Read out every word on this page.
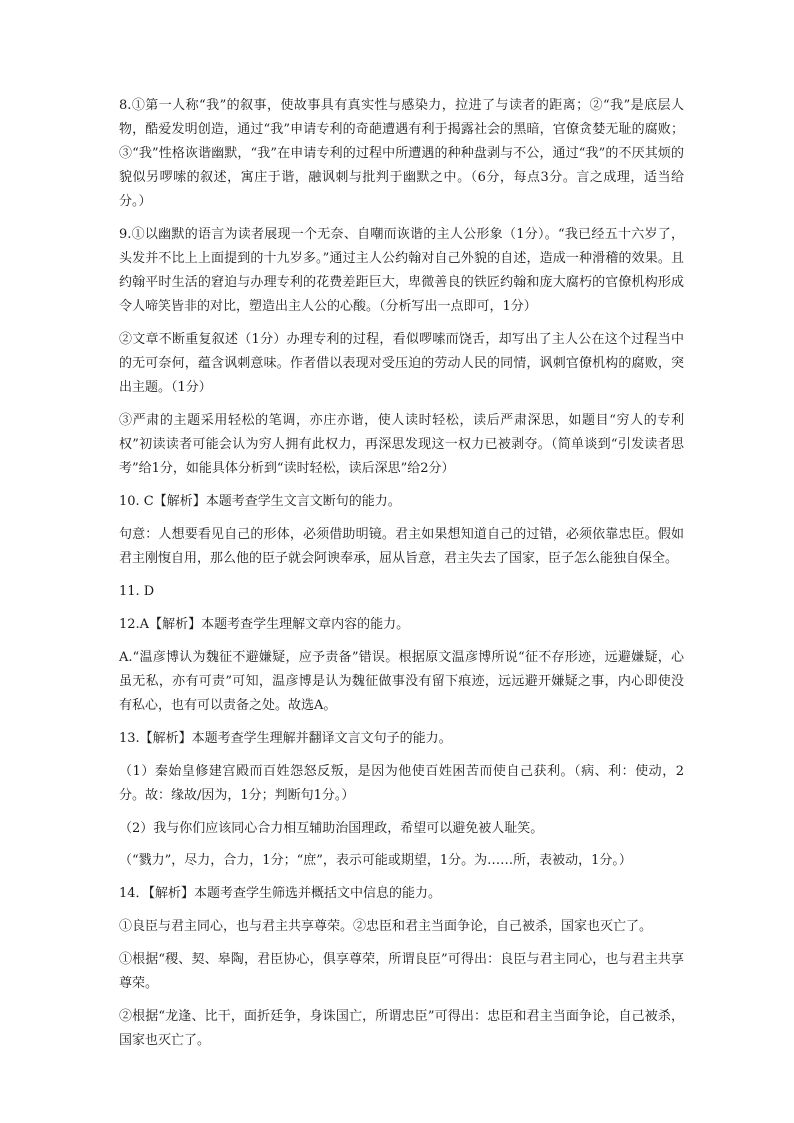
8.①第一人称“我”的叙事，使故事具有真实性与感染力，拉进了与读者的距离；②“我”是底层人物，酷爱发明创造，通过“我”申请专利的奇葩遭遇有利于揭露社会的黑暗，官僚贪婪无耻的腐败；③“我”性格诙谐幽默，“我”在申请专利的过程中所遭遇的种种盘剥与不公，通过“我”的不厌其烦的貌似另啰嗦的叙述，寓庄于谐，融讽刺与批判于幽默之中。（6分，每点3分。言之成理，适当给分。）

9.①以幽默的语言为读者展现一个无奈、自嘲而诙谐的主人公形象（1分）。“我已经五十六岁了，头发并不比上上面提到的十九岁多。”通过主人公约翰对自己外貌的自述，造成一种滑稽的效果。且约翰平时生活的窘迫与办理专利的花费差距巨大，卑微善良的铁匠约翰和庞大腐朽的官僚机构形成令人啼笑皆非的对比，塑造出主人公的心酸。（分析写出一点即可，1分）

②文章不断重复叙述（1分）办理专利的过程，看似啰嗦而饶舌，却写出了主人公在这个过程当中的无可奈何，蕴含讽刺意味。作者借以表现对受压迫的劳动人民的同情，讽刺官僚机构的腐败，突出主题。（1分）

③严肃的主题采用轻松的笔调，亦庄亦谐，使人读时轻松，读后严肃深思，如题目“穷人的专利权”初读读者可能会认为穷人拥有此权力，再深思发现这一权力已被剥夺。（简单谈到“引发读者思考”给1分，如能具体分析到“读时轻松，读后深思”给2分）

10. C【解析】本题考查学生文言文断句的能力。

句意：人想要看见自己的形体，必须借助明镜。君主如果想知道自己的过错，必须依靠忠臣。假如君主刚愎自用，那么他的臣子就会阿谀奉承，屈从旨意，君主失去了国家，臣子怎么能独自保全。

11. D

12.A【解析】本题考查学生理解文章内容的能力。

A.“温彦博认为魏征不避嫌疑，应予责备”错误。根据原文温彦博所说“征不存形迹，远避嫌疑，心虽无私，亦有可责”可知，温彦博是认为魏征做事没有留下痕迹，远远避开嫌疑之事，内心即使没有私心，也有可以责备之处。故选A。

13.【解析】本题考查学生理解并翻译文言文句子的能力。

（1）秦始皇修建宫殿而百姓怨怒反叛，是因为他使百姓困苦而使自己获利。（病、利：使动，2分。故：缘故/因为，1分；判断句1分。）

（2）我与你们应该同心合力相互辅助治国理政，希望可以避免被人耻笑。

（“戮力”，尽力，合力，1分；“庶”，表示可能或期望，1分。为……所，表被动，1分。）

14．【解析】本题考查学生筛选并概括文中信息的能力。

①良臣与君主同心，也与君主共享尊荣。②忠臣和君主当面争论，自己被杀，国家也灭亡了。

①根据“稷、契、皋陶，君臣协心，俱享尊荣，所谓良臣”可得出：良臣与君主同心，也与君主共享尊荣。

②根据“龙逢、比干，面折廷争，身诛国亡，所谓忠臣”可得出：忠臣和君主当面争论，自己被杀，国家也灭亡了。
